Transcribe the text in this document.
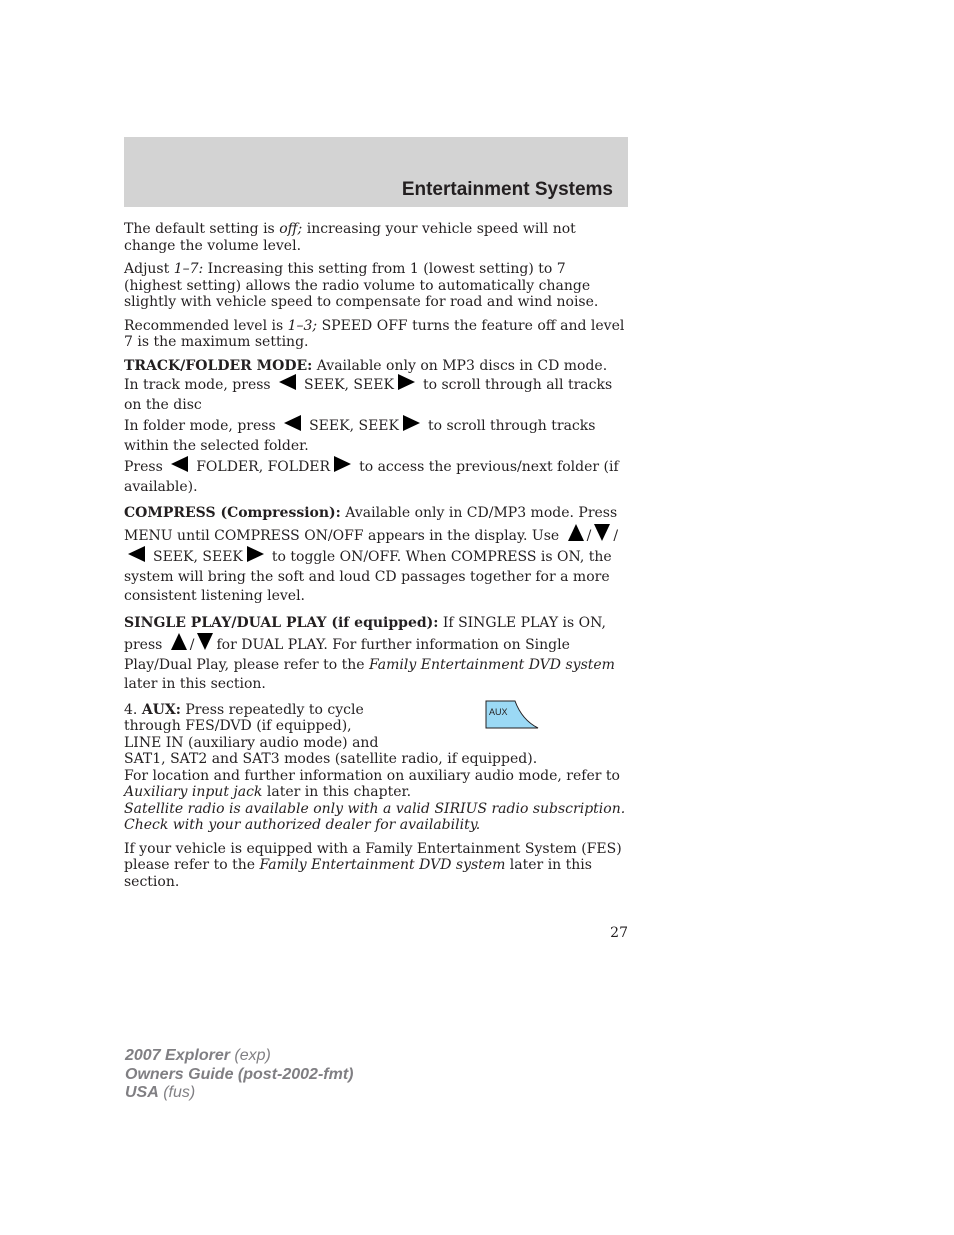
Entertainment Systems

The default setting is off; increasing your vehicle speed will not change the volume level.

Adjust 1–7: Increasing this setting from 1 (lowest setting) to 7 (highest setting) allows the radio volume to automatically change slightly with vehicle speed to compensate for road and wind noise.

Recommended level is 1–3; SPEED OFF turns the feature off and level 7 is the maximum setting.

TRACK/FOLDER MODE: Available only on MP3 discs in CD mode.

In track mode, press SEEK, SEEK to scroll through all tracks on the disc

In folder mode, press SEEK, SEEK to scroll through tracks within the selected folder.

Press FOLDER, FOLDER to access the previous/next folder (if available).

COMPRESS (Compression): Available only in CD/MP3 mode. Press MENU until COMPRESS ON/OFF appears in the display. Use / / SEEK, SEEK to toggle ON/OFF. When COMPRESS is ON, the system will bring the soft and loud CD passages together for a more consistent listening level.

SINGLE PLAY/DUAL PLAY (if equipped): If SINGLE PLAY is ON, press / for DUAL PLAY. For further information on Single Play/Dual Play, please refer to the Family Entertainment DVD system later in this section.

AUX

4. AUX: Press repeatedly to cycle

through FES/DVD (if equipped),

LINE IN (auxiliary audio mode) and

SAT1, SAT2 and SAT3 modes (satellite radio, if equipped).

For location and further information on auxiliary audio mode, refer to

Auxiliary input jack later in this chapter.

Satellite radio is available only with a valid SIRIUS radio subscription. Check with your authorized dealer for availability.

If your vehicle is equipped with a Family Entertainment System (FES) please refer to the Family Entertainment DVD system later in this section.

27
2007 Explorer (exp)
Owners Guide (post-2002-fmt)
USA (fus)
